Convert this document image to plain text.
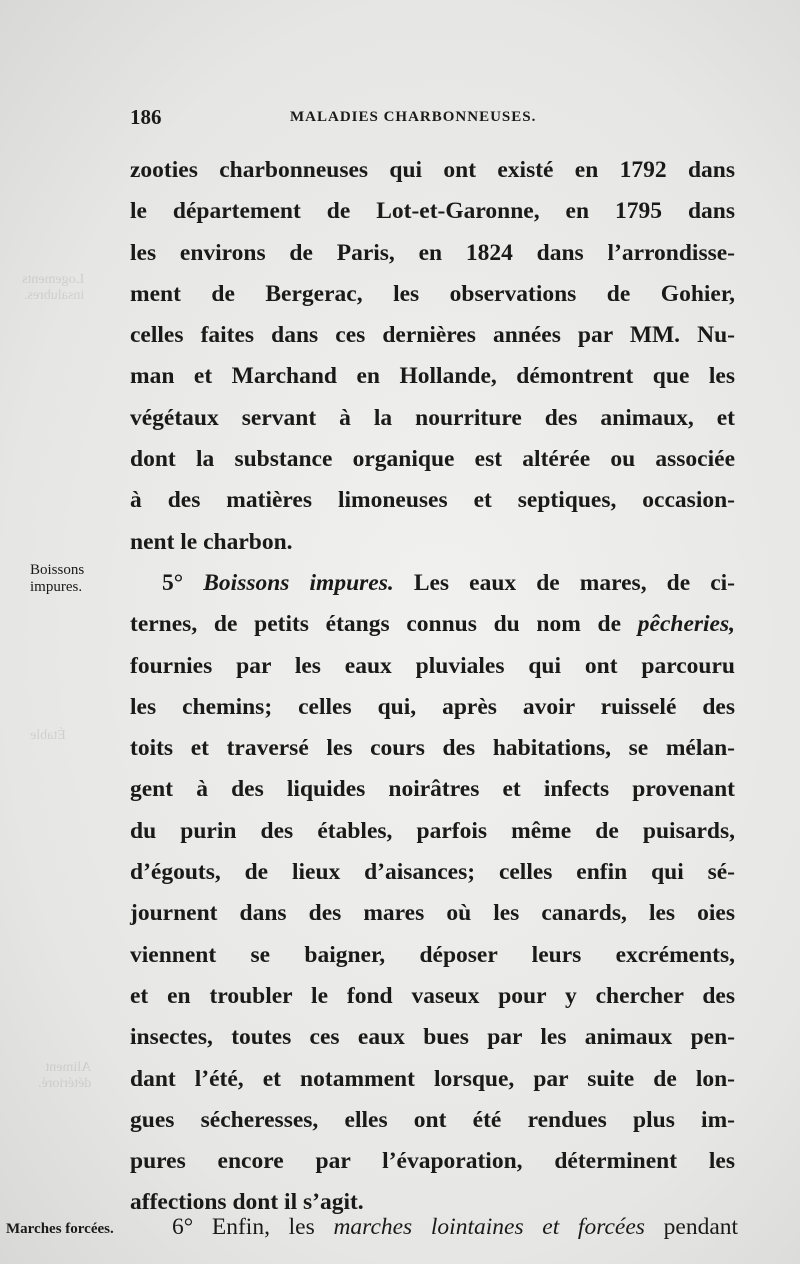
Logements
insalubres.
Étable
Aliment
détérioré.
186	MALADIES CHARBONNEUSES.
Boissons
impures.
zooties charbonneuses qui ont existé en 1792 dans
le département de Lot-et-Garonne, en 1795 dans
les environs de Paris, en 1824 dans l’arrondisse-
ment de Bergerac, les observations de Gohier,
celles faites dans ces dernières années par MM. Nu-
man et Marchand en Hollande, démontrent que les
végétaux servant à la nourriture des animaux, et
dont la substance organique est altérée ou associée
à des matières limoneuses et septiques, occasion-
nent le charbon.
5° Boissons impures. Les eaux de mares, de ci-
ternes, de petits étangs connus du nom de pêcheries,
fournies par les eaux pluviales qui ont parcouru
les chemins; celles qui, après avoir ruisselé des
toits et traversé les cours des habitations, se mélan-
gent à des liquides noirâtres et infects provenant
du purin des étables, parfois même de puisards,
d’égouts, de lieux d’aisances; celles enfin qui sé-
journent dans des mares où les canards, les oies
viennent se baigner, déposer leurs excréments,
et en troubler le fond vaseux pour y chercher des
insectes, toutes ces eaux bues par les animaux pen-
dant l’été, et notamment lorsque, par suite de lon-
gues sécheresses, elles ont été rendues plus im-
pures encore par l’évaporation, déterminent les
affections dont il s’agit.
Marches forcées. 6° Enfin, les marches lointaines et forcées pendant
